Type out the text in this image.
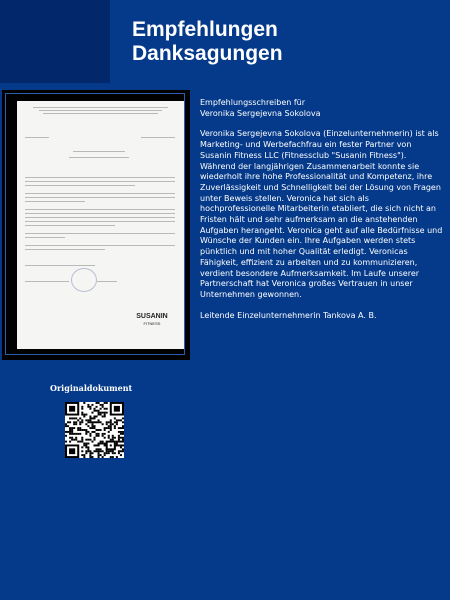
Empfehlungen
Danksagungen
SUSANIN
FITNESS

Empfehlungsschreiben für
Veronika Sergejevna Sokolova

Veronika Sergejevna Sokolova (Einzelunternehmerin) ist als Marketing- und Werbefachfrau ein fester Partner von Susanin Fitness LLC (Fitnessclub "Susanin Fitness"). Während der langjährigen Zusammenarbeit konnte sie wiederholt ihre hohe Professionalität und Kompetenz, ihre Zuverlässigkeit und Schnelligkeit bei der Lösung von Fragen unter Beweis stellen. Veronica hat sich als hochprofessionelle Mitarbeiterin etabliert, die sich nicht an Fristen hält und sehr aufmerksam an die anstehenden Aufgaben herangeht. Veronica geht auf alle Bedürfnisse und Wünsche der Kunden ein. Ihre Aufgaben werden stets pünktlich und mit hoher Qualität erledigt. Veronicas Fähigkeit, effizient zu arbeiten und zu kommunizieren, verdient besondere Aufmerksamkeit. Im Laufe unserer Partnerschaft hat Veronica großes Vertrauen in unser Unternehmen gewonnen.

Leitende Einzelunternehmerin Tankova A. B.

Originaldokument
